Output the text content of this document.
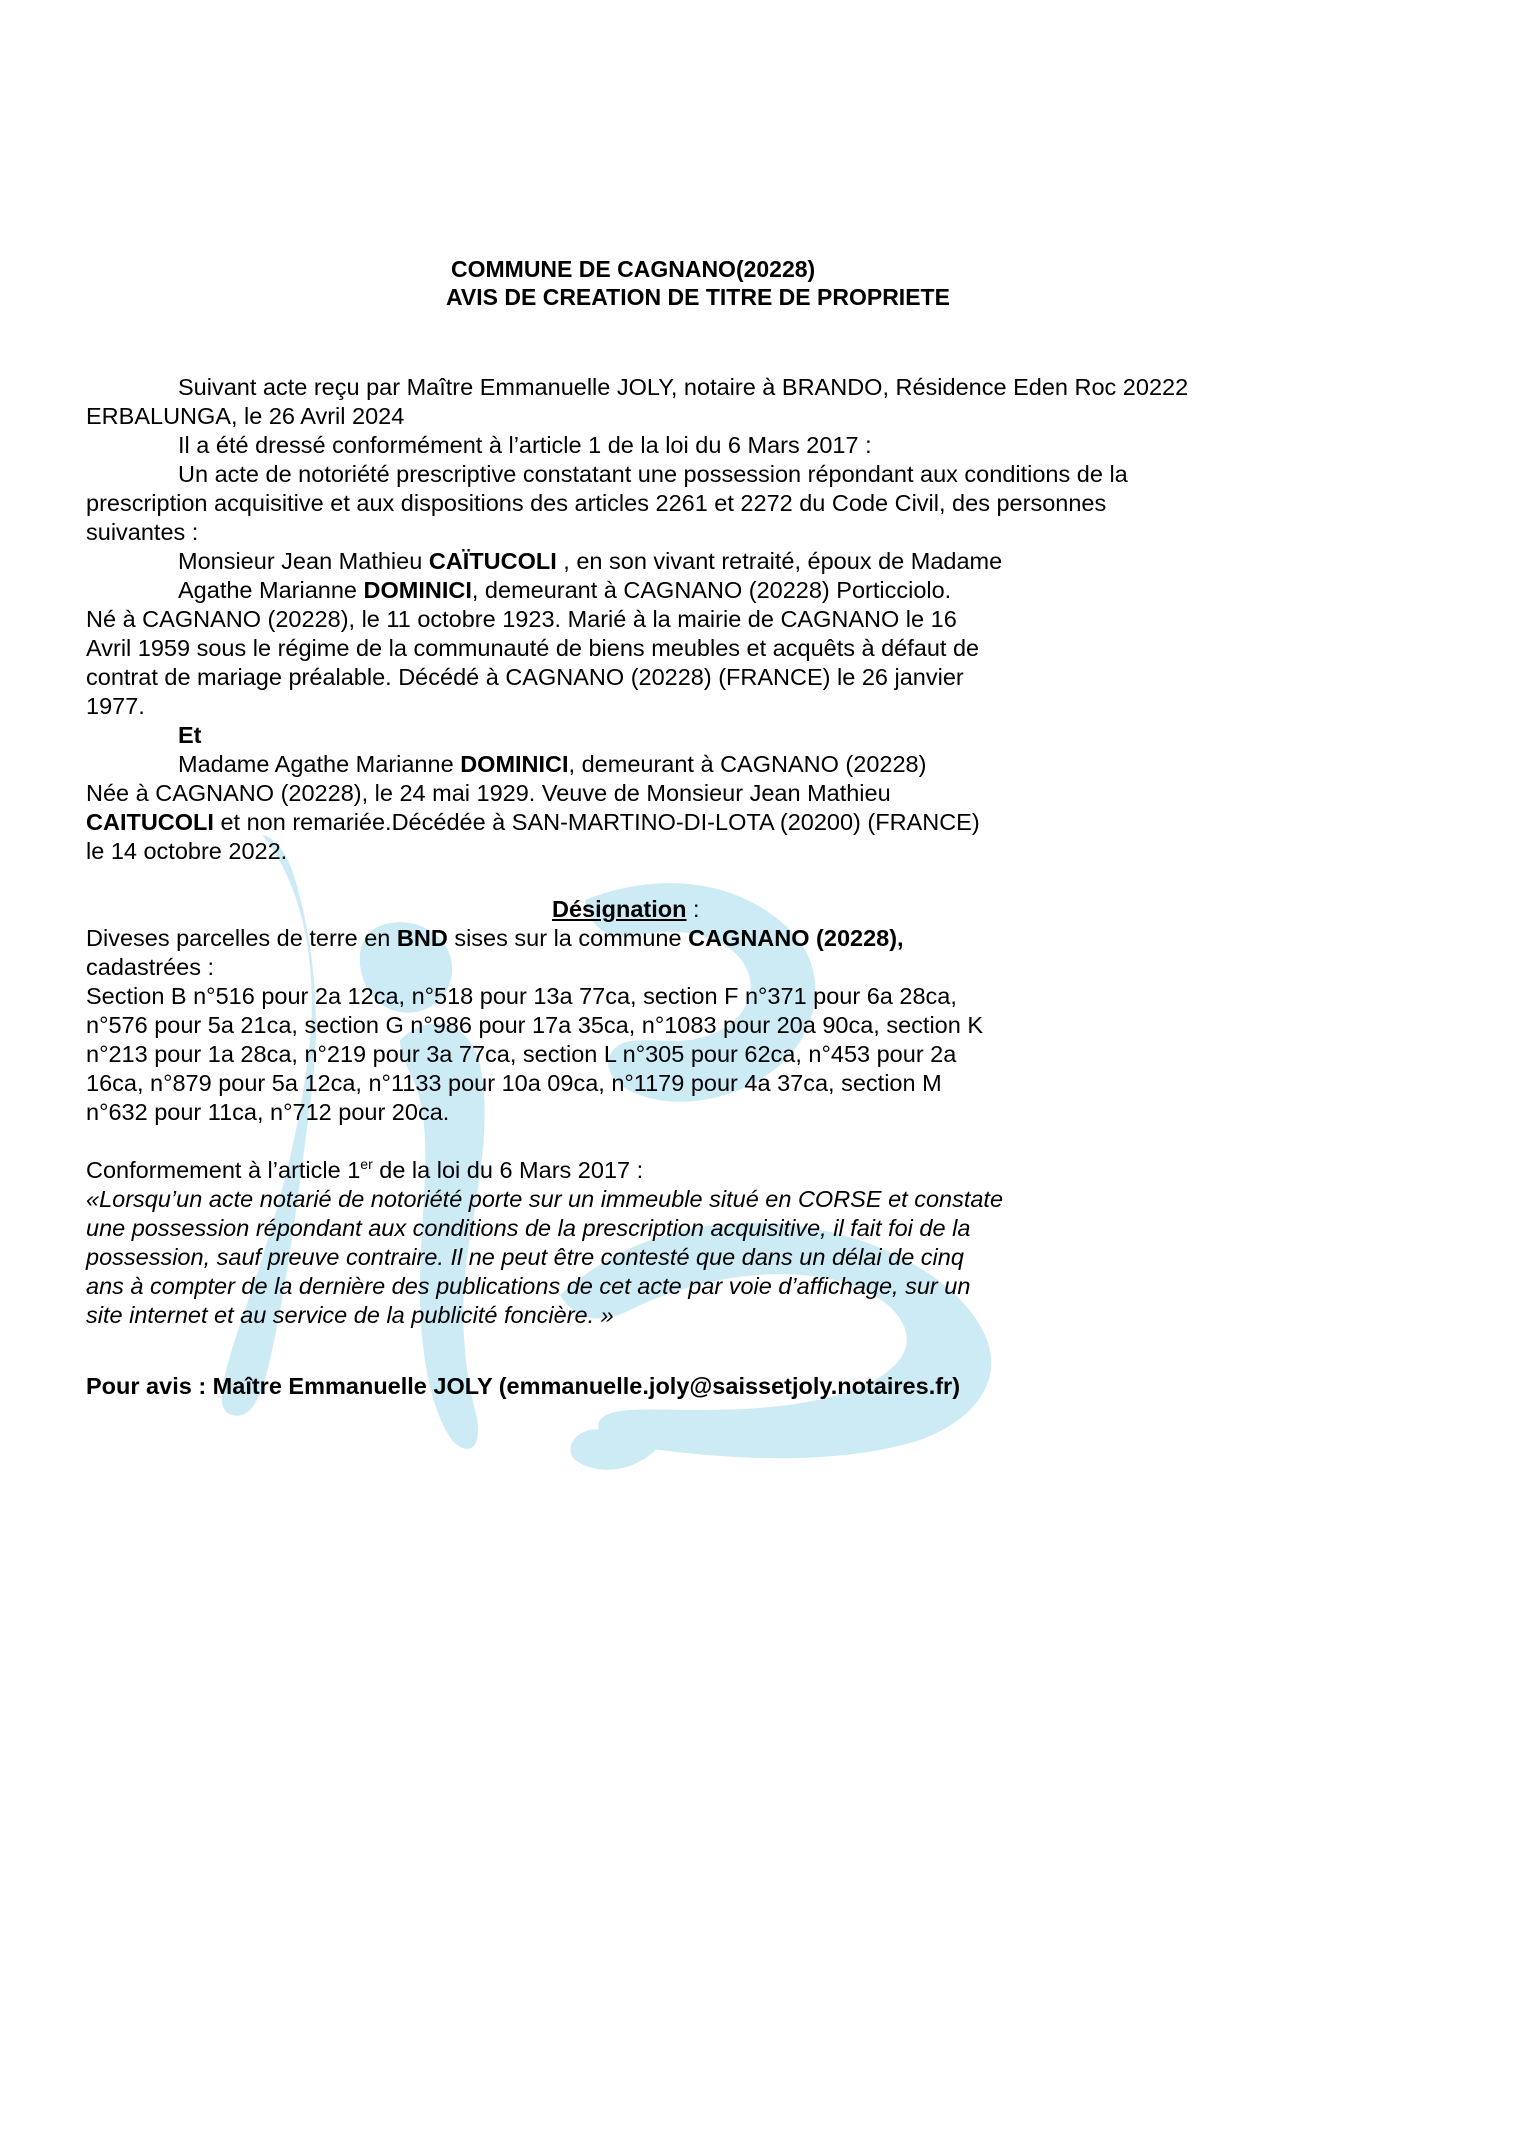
COMMUNE DE CAGNANO(20228)
AVIS DE CREATION DE TITRE DE PROPRIETE
Suivant acte reçu par Maître Emmanuelle JOLY, notaire à BRANDO, Résidence Eden Roc 20222
ERBALUNGA, le 26 Avril 2024
Il a été dressé conformément à l’article 1 de la loi du 6 Mars 2017 :
Un acte de notoriété prescriptive constatant une possession répondant aux conditions de la
prescription acquisitive et aux dispositions des articles 2261 et 2272 du Code Civil, des personnes
suivantes :
Monsieur Jean Mathieu CAÏTUCOLI , en son vivant retraité, époux de Madame
Agathe Marianne DOMINICI, demeurant à CAGNANO (20228) Porticciolo.
Né à CAGNANO (20228), le 11 octobre 1923. Marié à la mairie de CAGNANO le 16
Avril 1959 sous le régime de la communauté de biens meubles et acquêts à défaut de
contrat de mariage préalable. Décédé à CAGNANO (20228) (FRANCE) le 26 janvier
1977.
Et
Madame Agathe Marianne DOMINICI, demeurant à CAGNANO (20228)
Née à CAGNANO (20228), le 24 mai 1929. Veuve de Monsieur Jean Mathieu
CAITUCOLI et non remariée.Décédée à SAN-MARTINO-DI-LOTA (20200) (FRANCE)
le 14 octobre 2022.
Désignation :
Diveses parcelles de terre en BND sises sur la commune CAGNANO (20228),
cadastrées :
Section B n°516 pour 2a 12ca, n°518 pour 13a 77ca, section F n°371 pour 6a 28ca,
n°576 pour 5a 21ca, section G n°986 pour 17a 35ca, n°1083 pour 20a 90ca, section K
n°213 pour 1a 28ca, n°219 pour 3a 77ca, section L n°305 pour 62ca, n°453 pour 2a
16ca, n°879 pour 5a 12ca, n°1133 pour 10a 09ca, n°1179 pour 4a 37ca, section M
n°632 pour 11ca, n°712 pour 20ca.
Conformement à l’article 1er de la loi du 6 Mars 2017 :
«Lorsqu’un acte notarié de notoriété porte sur un immeuble situé en CORSE et constate
une possession répondant aux conditions de la prescription acquisitive, il fait foi de la
possession, sauf preuve contraire. Il ne peut être contesté que dans un délai de cinq
ans à compter de la dernière des publications de cet acte par voie d’affichage, sur un
site internet et au service de la publicité foncière. »
Pour avis : Maître Emmanuelle JOLY (emmanuelle.joly@saissetjoly.notaires.fr)
